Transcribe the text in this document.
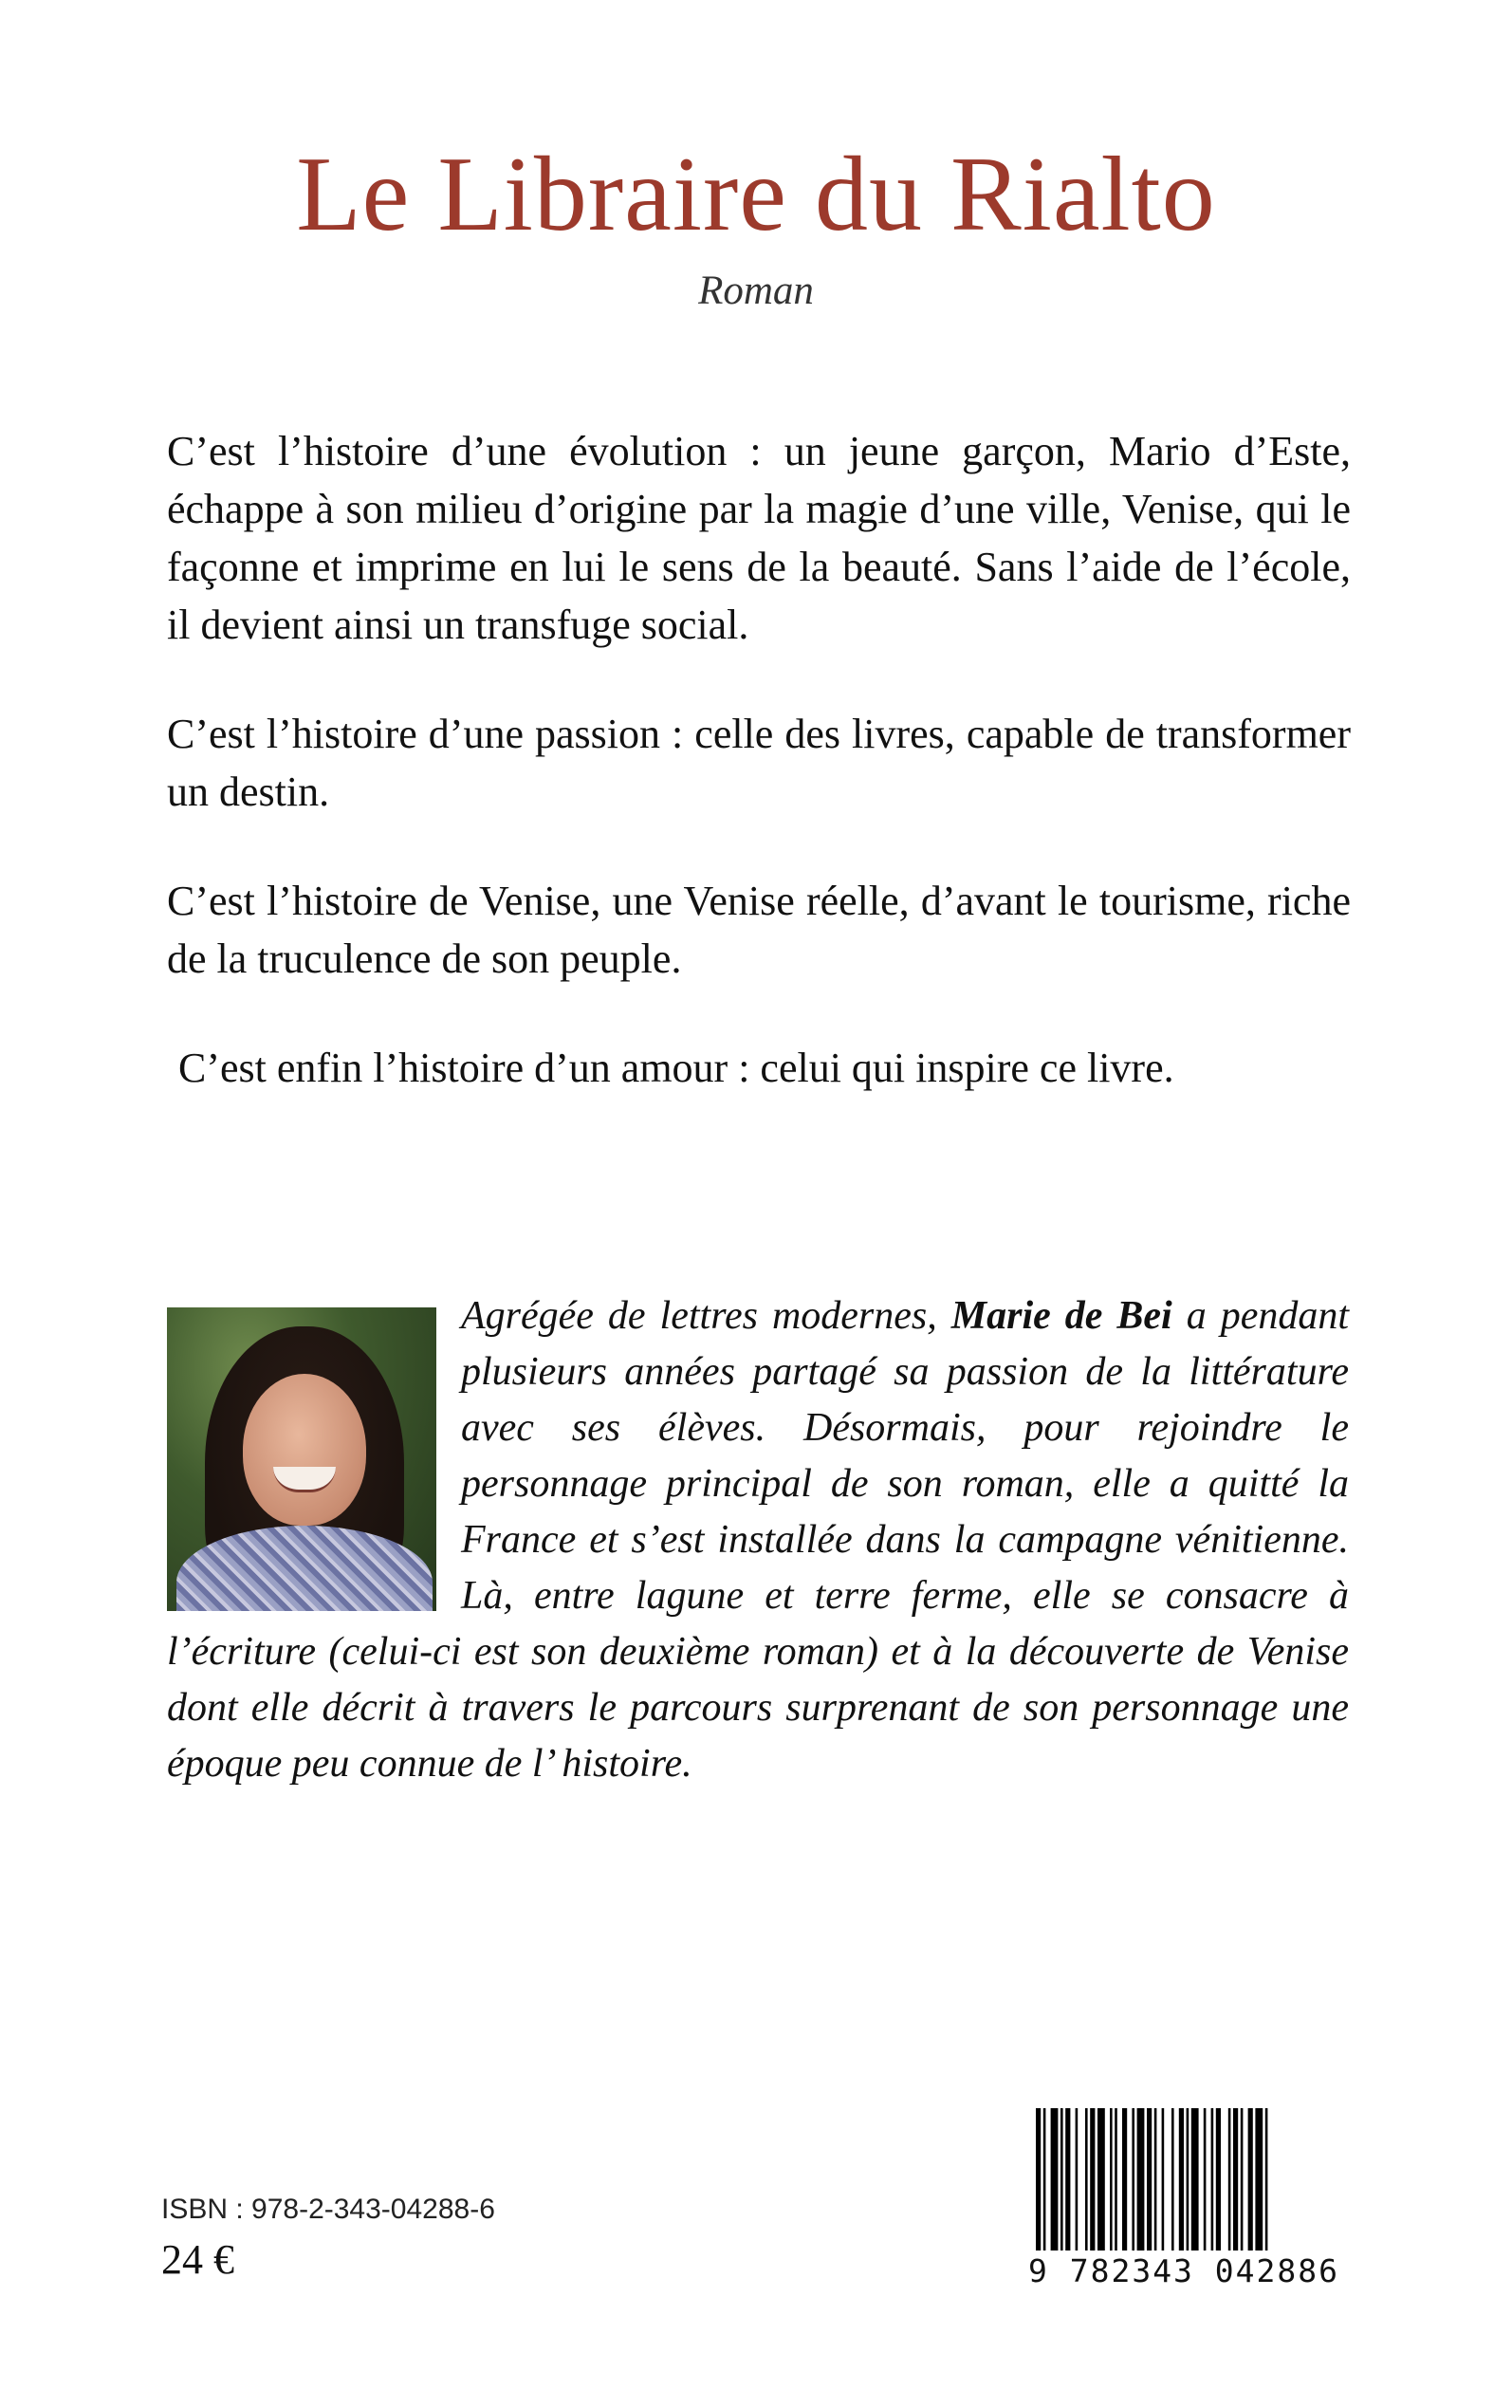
Le Libraire du Rialto
Roman

C’est l’histoire d’une évolution : un jeune garçon, Mario d’Este, échappe à son milieu d’origine par la magie d’une ville, Venise, qui le façonne et imprime en lui le sens de la beauté. Sans l’aide de l’école, il devient ainsi un transfuge social.

C’est l’histoire d’une passion : celle des livres, capable de transformer un destin.

C’est l’histoire de Venise, une Venise réelle, d’avant le tourisme, riche de la truculence de son peuple.

C’est enfin l’histoire d’un amour : celui qui inspire ce livre.

Agrégée de lettres modernes, Marie de Bei a pendant plusieurs années partagé sa passion de la littérature avec ses élèves. Désormais, pour rejoindre le personnage principal de son roman, elle a quitté la France et s’est installée dans la campagne vénitienne. Là, entre lagune et terre ferme, elle se consacre à l’écriture (celui-ci est son deuxième roman) et à la découverte de Venise dont elle décrit à travers le parcours surprenant de son personnage une époque peu connue de l’ histoire.
ISBN : 978-2-343-04288-6
24 €	9 782343 042886
